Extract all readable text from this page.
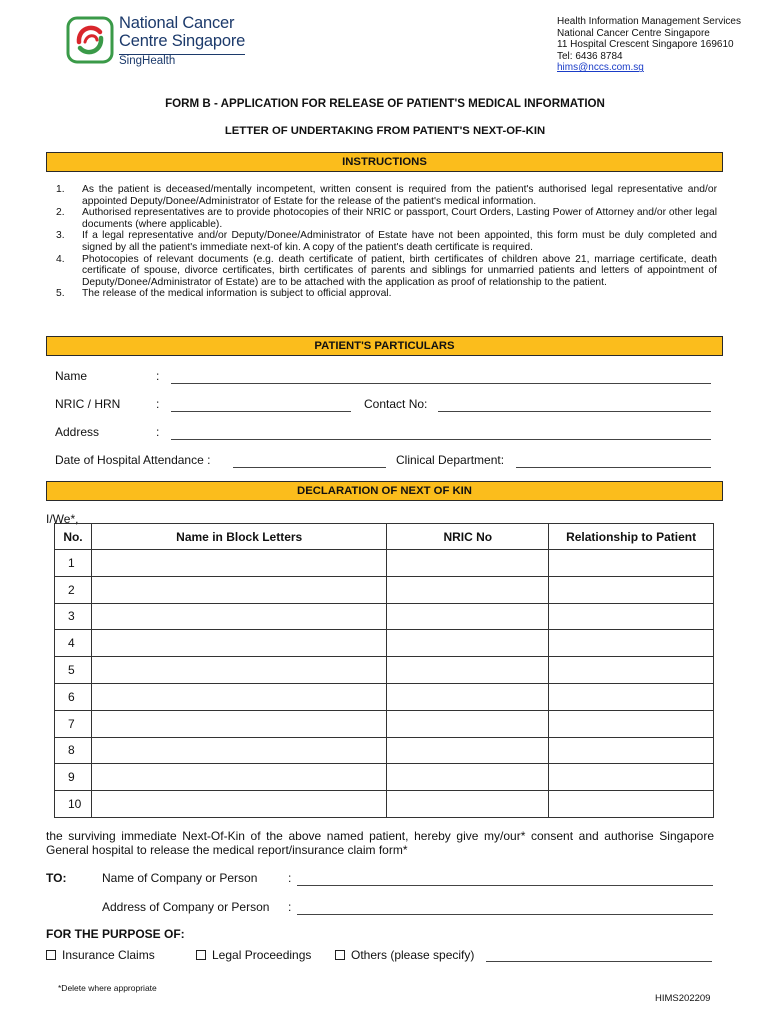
National Cancer
Centre Singapore
SingHealth
Health Information Management Services
National Cancer Centre Singapore
11 Hospital Crescent Singapore 169610
Tel: 6436 8784
hims@nccs.com.sg
FORM B - APPLICATION FOR RELEASE OF PATIENT'S MEDICAL INFORMATION
LETTER OF UNDERTAKING FROM PATIENT'S NEXT-OF-KIN
INSTRUCTIONS
1. As the patient is deceased/mentally incompetent, written consent is required from the patient's authorised legal representative and/or appointed Deputy/Donee/Administrator of Estate for the release of the patient's medical information.
2. Authorised representatives are to provide photocopies of their NRIC or passport, Court Orders, Lasting Power of Attorney and/or other legal documents (where applicable).
3. If a legal representative and/or Deputy/Donee/Administrator of Estate have not been appointed, this form must be duly completed and signed by all the patient's immediate next-of kin. A copy of the patient's death certificate is required.
4. Photocopies of relevant documents (e.g. death certificate of patient, birth certificates of children above 21, marriage certificate, death certificate of spouse, divorce certificates, birth certificates of parents and siblings for unmarried patients and letters of appointment of Deputy/Donee/Administrator of Estate) are to be attached with the application as proof of relationship to the patient.
5. The release of the medical information is subject to official approval.
PATIENT'S PARTICULARS
Name	:
NRIC / HRN	:	Contact No:
Address	:
Date of Hospital Attendance :	Clinical Department:
DECLARATION OF NEXT OF KIN
I/We*,
No.	Name in Block Letters	NRIC No	Relationship to Patient
1			
2			
3			
4			
5			
6			
7			
8			
9			
10			
the surviving immediate Next-Of-Kin of the above named patient, hereby give my/our* consent and authorise Singapore General hospital to release the medical report/insurance claim form*
TO:	Name of Company or Person	:
Address of Company or Person :
FOR THE PURPOSE OF:
Insurance Claims	Legal Proceedings	Others (please specify)
*Delete where appropriate
HIMS202209
